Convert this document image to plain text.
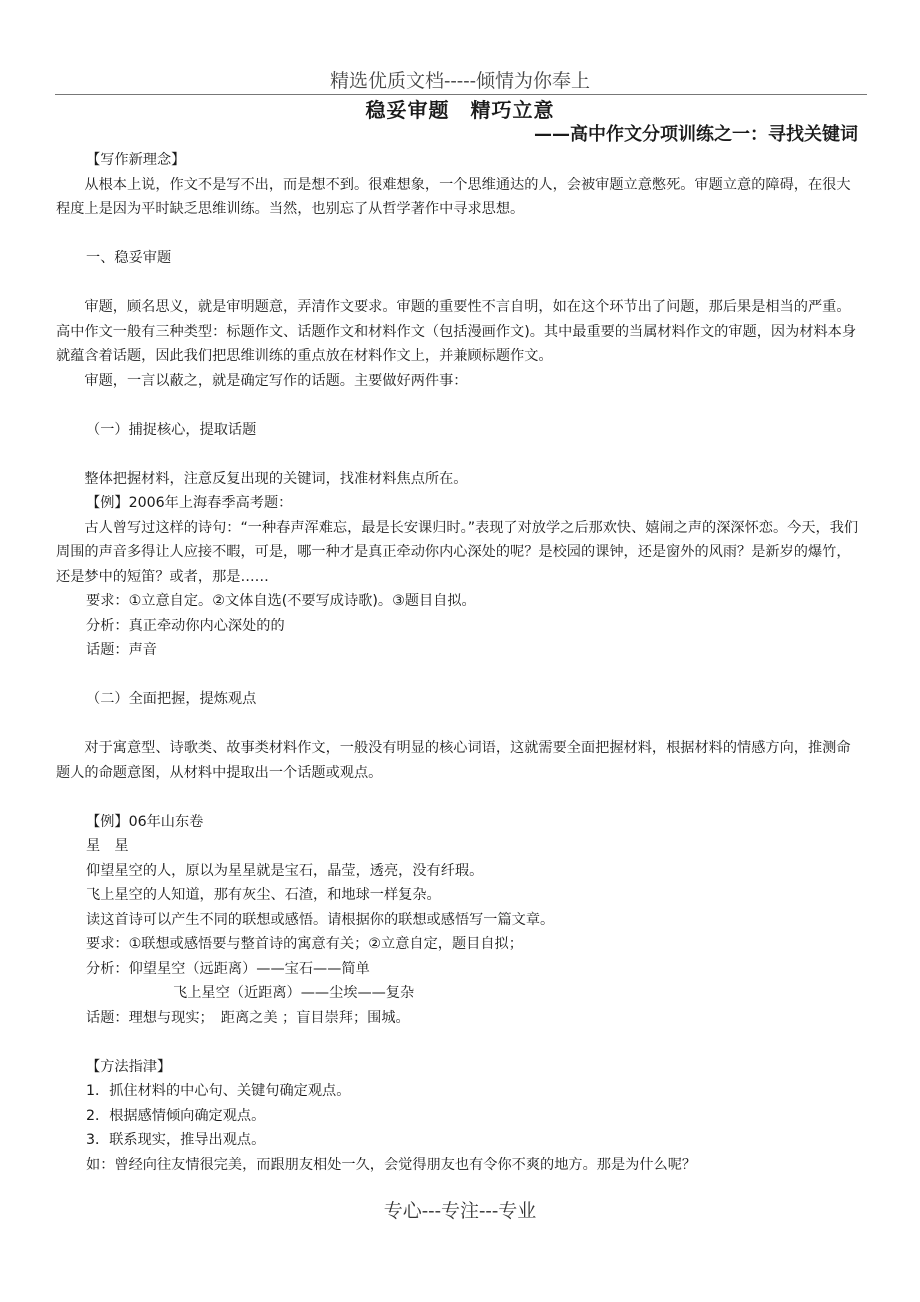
精选优质文档-----倾情为你奉上
稳妥审题　精巧立意
——高中作文分项训练之一：寻找关键词

【写作新理念】

从根本上说，作文不是写不出，而是想不到。很难想象，一个思维通达的人，会被审题立意憋死。审题立意的障碍，在很大程度上是因为平时缺乏思维训练。当然，也别忘了从哲学著作中寻求思想。

一、稳妥审题

审题，顾名思义，就是审明题意，弄清作文要求。审题的重要性不言自明，如在这个环节出了问题，那后果是相当的严重。高中作文一般有三种类型：标题作文、话题作文和材料作文（包括漫画作文)。其中最重要的当属材料作文的审题，因为材料本身就蕴含着话题，因此我们把思维训练的重点放在材料作文上，并兼顾标题作文。

审题，一言以蔽之，就是确定写作的话题。主要做好两件事：

（一）捕捉核心，提取话题

整体把握材料，注意反复出现的关键词，找准材料焦点所在。

【例】2006年上海春季高考题：

古人曾写过这样的诗句：“一种春声浑难忘，最是长安课归时。”表现了对放学之后那欢快、嬉闹之声的深深怀恋。今天，我们周围的声音多得让人应接不暇，可是，哪一种才是真正牵动你内心深处的呢？是校园的课钟，还是窗外的风雨？是新岁的爆竹，还是梦中的短笛？或者，那是……

要求：①立意自定。②文体自选(不要写成诗歌)。③题目自拟。

分析：真正牵动你内心深处的的

话题：声音

（二）全面把握，提炼观点

对于寓意型、诗歌类、故事类材料作文，一般没有明显的核心词语，这就需要全面把握材料，根据材料的情感方向，推测命题人的命题意图，从材料中提取出一个话题或观点。

【例】06年山东卷

星　星

仰望星空的人，原以为星星就是宝石，晶莹，透亮，没有纤瑕。

飞上星空的人知道，那有灰尘、石渣，和地球一样复杂。

读这首诗可以产生不同的联想或感悟。请根据你的联想或感悟写一篇文章。

要求：①联想或感悟要与整首诗的寓意有关；②立意自定，题目自拟；

分析：仰望星空（远距离）——宝石——简单

飞上星空（近距离）——尘埃——复杂

话题：理想与现实；　距离之美 ；盲目崇拜；围城。

【方法指津】

1．抓住材料的中心句、关键句确定观点。

2．根据感情倾向确定观点。

3．联系现实，推导出观点。

如：曾经向往友情很完美，而跟朋友相处一久，会觉得朋友也有令你不爽的地方。那是为什么呢？

专心---专注---专业
